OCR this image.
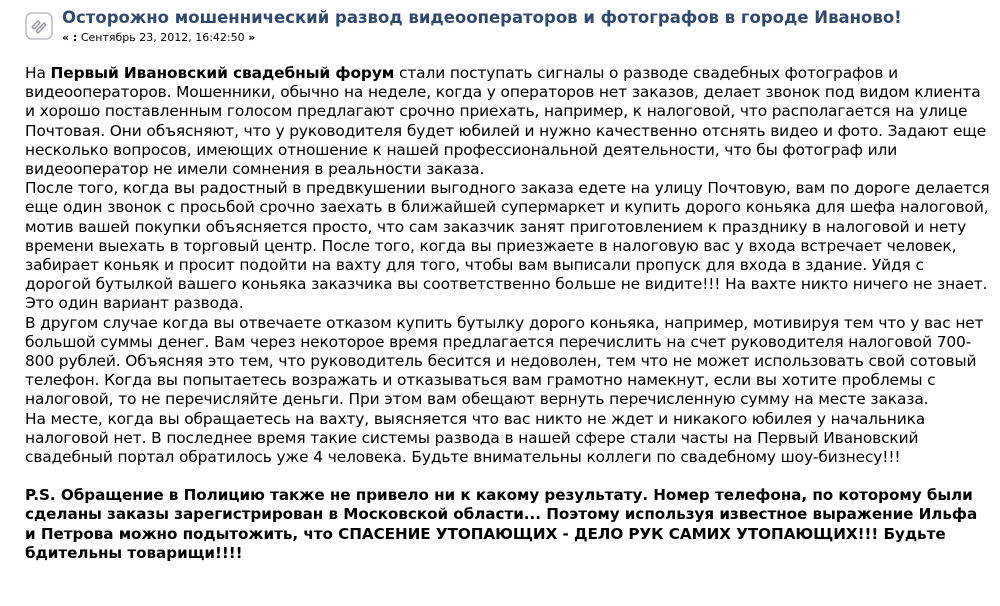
Осторожно мошеннический развод видеооператоров и фотографов в городе Иваново!
« : Сентябрь 23, 2012, 16:42:50 »

На Первый Ивановский свадебный форум стали поступать сигналы о разводе свадебных фотографов и видеооператоров. Мошенники, обычно на неделе, когда у операторов нет заказов, делает звонок под видом клиента и хорошо поставленным голосом предлагают срочно приехать, например, к налоговой, что располагается на улице Почтовая. Они объясняют, что у руководителя будет юбилей и нужно качественно отснять видео и фото. Задают еще несколько вопросов, имеющих отношение к нашей профессиональной деятельности, что бы фотограф или видеооператор не имели сомнения в реальности заказа.

После того, когда вы радостный в предвкушении выгодного заказа едете на улицу Почтовую, вам по дороге делается еще один звонок с просьбой срочно заехать в ближайшей супермаркет и купить дорого коньяка для шефа налоговой, мотив вашей покупки объясняется просто, что сам заказчик занят приготовлением к празднику в налоговой и нету времени выехать в торговый центр. После того, когда вы приезжаете в налоговую вас у входа встречает человек, забирает коньяк и просит подойти на вахту для того, чтобы вам выписали пропуск для входа в здание. Уйдя с дорогой бутылкой вашего коньяка заказчика вы соответственно больше не видите!!! На вахте никто ничего не знает. Это один вариант развода.

В другом случае когда вы отвечаете отказом купить бутылку дорого коньяка, например, мотивируя тем что у вас нет большой суммы денег. Вам через некоторое время предлагается перечислить на счет руководителя налоговой 700-800 рублей. Объясняя это тем, что руководитель бесится и недоволен, тем что не может использовать свой сотовый телефон. Когда вы попытаетесь возражать и отказываться вам грамотно намекнут, если вы хотите проблемы с налоговой, то не перечисляйте деньги. При этом вам обещают вернуть перечисленную сумму на месте заказа.

На месте, когда вы обращаетесь на вахту, выясняется что вас никто не ждет и никакого юбилея у начальника налоговой нет. В последнее время такие системы развода в нашей сфере стали часты на Первый Ивановский свадебный портал обратилось уже 4 человека. Будьте внимательны коллеги по свадебному шоу-бизнесу!!!

P.S. Обращение в Полицию также не привело ни к какому результату. Номер телефона, по которому были сделаны заказы зарегистрирован в Московской области... Поэтому используя известное выражение Ильфа и Петрова можно подытожить, что СПАСЕНИЕ УТОПАЮЩИХ - ДЕЛО РУК САМИХ УТОПАЮЩИХ!!! Будьте бдительны товарищи!!!!
